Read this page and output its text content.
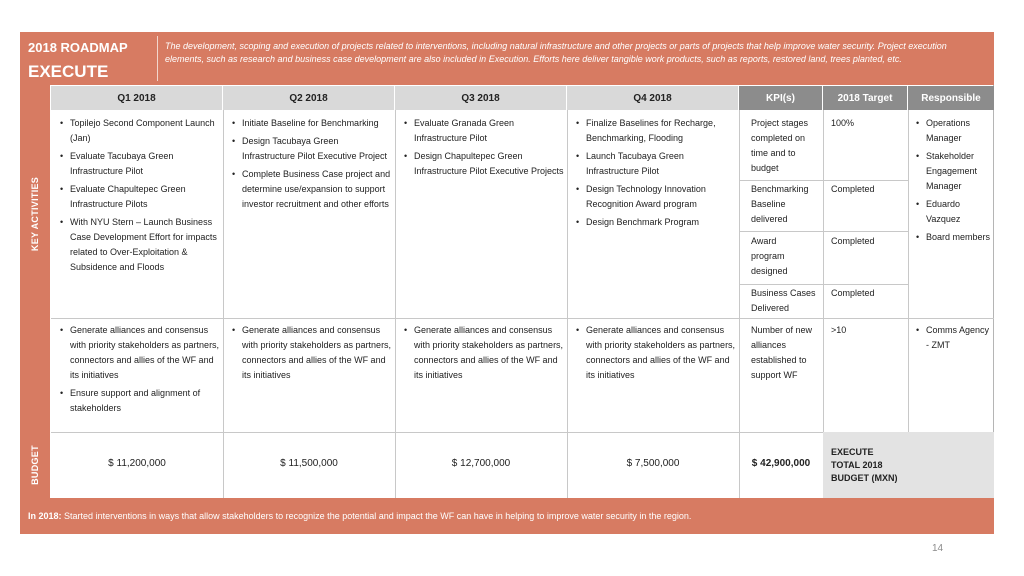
2018 ROADMAP
EXECUTE
The development, scoping and execution of projects related to interventions, including natural infrastructure and other projects or parts of projects that help improve water security. Project execution elements, such as research and business case development are also included in Execution. Efforts here deliver tangible work products, such as reports, restored land, trees planted, etc.
KEY ACTIVITIES
BUDGET
Q1 2018	Q2 2018	Q3 2018	Q4 2018	KPI(s)	2018 Target	Responsible
• Topilejo Second Component Launch (Jan)
• Evaluate Tacubaya Green Infrastructure Pilot
• Evaluate Chapultepec Green Infrastructure Pilots
• With NYU Stern – Launch Business Case Development Effort for impacts related to Over-Exploitation & Subsidence and Floods
• Initiate Baseline for Benchmarking
• Design Tacubaya Green Infrastructure Pilot Executive Project
• Complete Business Case project and determine use/expansion to support investor recruitment and other efforts
• Evaluate Granada Green Infrastructure Pilot
• Design Chapultepec Green Infrastructure Pilot Executive Projects
• Finalize Baselines for Recharge, Benchmarking, Flooding
• Launch Tacubaya Green Infrastructure Pilot
• Design Technology Innovation Recognition Award program
• Design Benchmark Program
Project stages completed on time and to budget
100%
Benchmarking Baseline delivered
Completed
Award program designed
Completed
Business Cases Delivered
Completed
• Operations Manager
• Stakeholder Engagement Manager
• Eduardo Vazquez
• Board members
• Generate alliances and consensus with priority stakeholders as partners, connectors and allies of the WF and its initiatives
• Ensure support and alignment of stakeholders
• Generate alliances and consensus with priority stakeholders as partners, connectors and allies of the WF and its initiatives
• Generate alliances and consensus with priority stakeholders as partners, connectors and allies of the WF and its initiatives
• Generate alliances and consensus with priority stakeholders as partners, connectors and allies of the WF and its initiatives
Number of new alliances established to support WF
>10
•	Comms Agency - ZMT
$ 11,200,000	$ 11,500,000	$ 12,700,000	$ 7,500,000	$ 42,900,000
EXECUTE
TOTAL 2018
BUDGET (MXN)
In 2018: Started interventions in ways that allow stakeholders to recognize the potential and impact the WF can have in helping to improve water security in the region.
14
